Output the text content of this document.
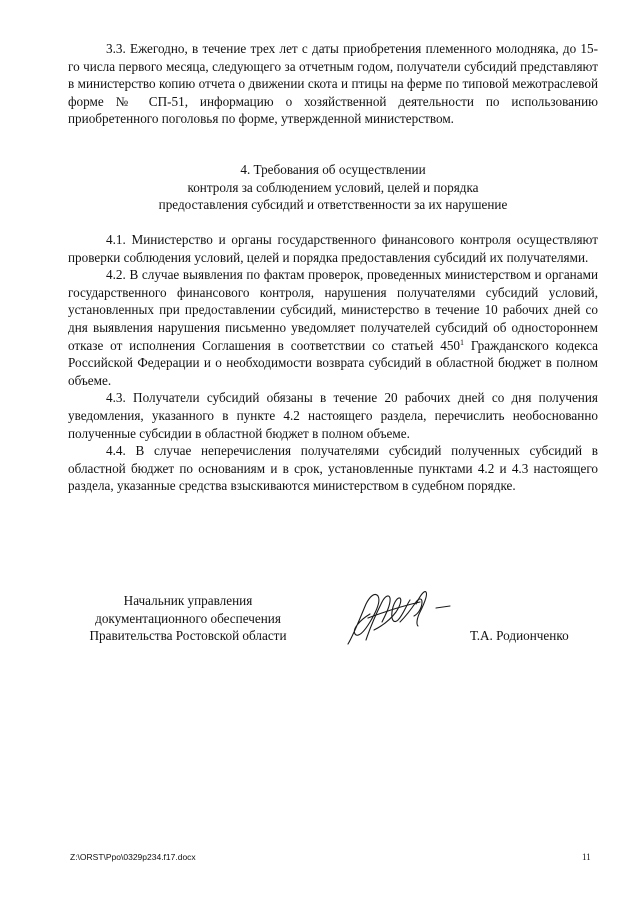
3.3. Ежегодно, в течение трех лет с даты приобретения племенного молодняка, до 15-го числа первого месяца, следующего за отчетным годом, получатели субсидий представляют в министерство копию отчета о движении скота и птицы на ферме по типовой межотраслевой форме № СП-51, информацию о хозяйственной деятельности по использованию приобретенного поголовья по форме, утвержденной министерством.

4. Требования об осуществлении
контроля за соблюдением условий, целей и порядка
предоставления субсидий и ответственности за их нарушение

4.1. Министерство и органы государственного финансового контроля осуществляют проверки соблюдения условий, целей и порядка предоставления субсидий их получателями.

4.2. В случае выявления по фактам проверок, проведенных министерством и органами государственного финансового контроля, нарушения получателями субсидий условий, установленных при предоставлении субсидий, министерство в течение 10 рабочих дней со дня выявления нарушения письменно уведомляет получателей субсидий об одностороннем отказе от исполнения Соглашения в соответствии со статьей $450^1$ Гражданского кодекса Российской Федерации и о необходимости возврата субсидий в областной бюджет в полном объеме.

4.3. Получатели субсидий обязаны в течение 20 рабочих дней со дня получения уведомления, указанного в пункте 4.2 настоящего раздела, перечислить необоснованно полученные субсидии в областной бюджет в полном объеме.

4.4. В случае неперечисления получателями субсидий полученных субсидий в областной бюджет по основаниям и в срок, установленные пунктами 4.2 и 4.3 настоящего раздела, указанные средства взыскиваются министерством в судебном порядке.

Начальник управления
документационного обеспечения
Правительства Ростовской области	Т.А. Родионченко
Z:\ORST\Ppo\0329p234.f17.docx	11
